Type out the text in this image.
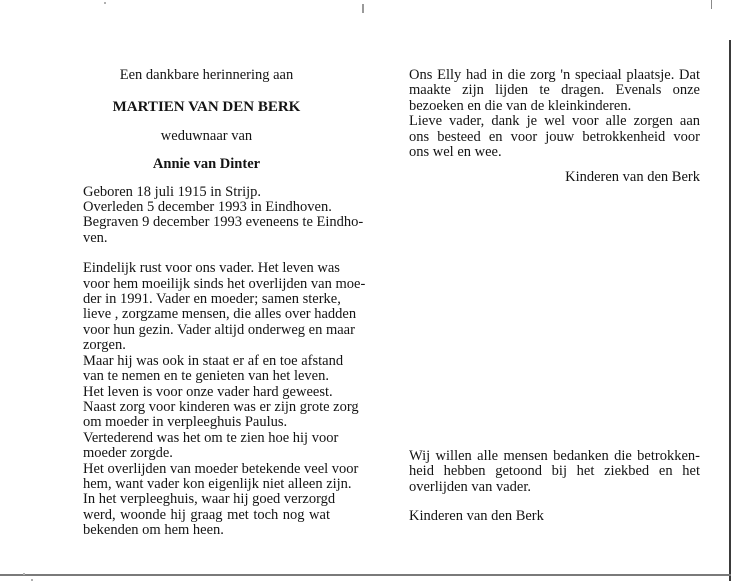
Een dankbare herinnering aan
MARTIEN VAN DEN BERK
weduwnaar van
Annie van Dinter
Geboren 18 juli 1915 in Strijp.
Overleden 5 december 1993 in Eindhoven.
Begraven 9 december 1993 eveneens te Eindho-
ven.
Eindelijk rust voor ons vader. Het leven was
voor hem moeilijk sinds het overlijden van moe-
der in 1991. Vader en moeder; samen sterke,
lieve , zorgzame mensen, die alles over hadden
voor hun gezin. Vader altijd onderweg en maar
zorgen.
Maar hij was ook in staat er af en toe afstand
van te nemen en te genieten van het leven.
Het leven is voor onze vader hard geweest.
Naast zorg voor kinderen was er zijn grote zorg
om moeder in verpleeghuis Paulus.
Vertederend was het om te zien hoe hij voor
moeder zorgde.
Het overlijden van moeder betekende veel voor
hem, want vader kon eigenlijk niet alleen zijn.
In het verpleeghuis, waar hij goed verzorgd
werd, woonde hij graag met toch nog wat
bekenden om hem heen.
Ons Elly had in die zorg 'n speciaal plaatsje. Dat
maakte zijn lijden te dragen. Evenals onze
bezoeken en die van de kleinkinderen.
Lieve vader, dank je wel voor alle zorgen aan
ons besteed en voor jouw betrokkenheid voor
ons wel en wee.
Kinderen van den Berk
Wij willen alle mensen bedanken die betrokken-
heid hebben getoond bij het ziekbed en het
overlijden van vader.
Kinderen van den Berk
